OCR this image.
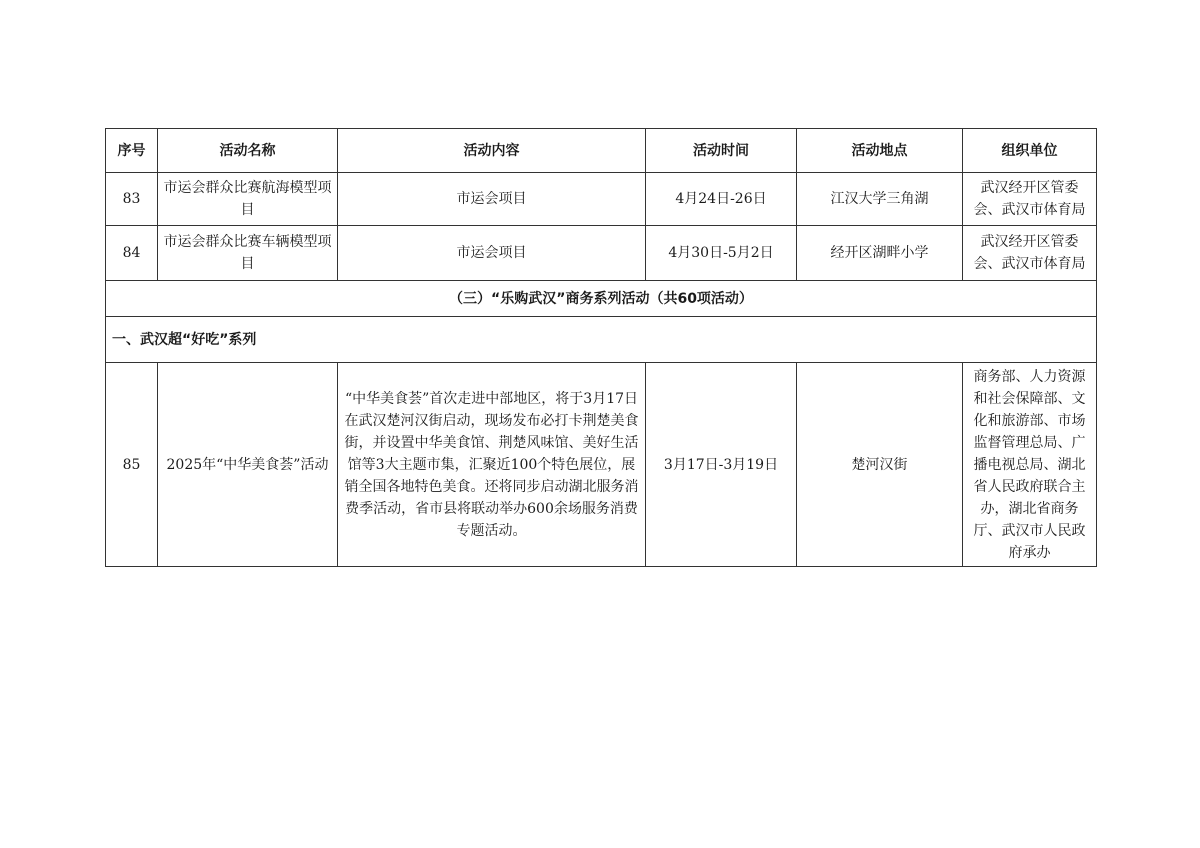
序号	活动名称	活动内容	活动时间	活动地点	组织单位
83	市运会群众比赛航海模型项目	市运会项目	4月24日-26日	江汉大学三角湖	武汉经开区管委会、武汉市体育局
84	市运会群众比赛车辆模型项目	市运会项目	4月30日-5月2日	经开区湖畔小学	武汉经开区管委会、武汉市体育局
（三）“乐购武汉”商务系列活动（共60项活动）					
一、武汉超“好吃”系列					
85	2025年“中华美食荟”活动	“中华美食荟”首次走进中部地区，将于3月17日在武汉楚河汉街启动，现场发布必打卡荆楚美食街，并设置中华美食馆、荆楚风味馆、美好生活馆等3大主题市集，汇聚近100个特色展位，展销全国各地特色美食。还将同步启动湖北服务消费季活动，省市县将联动举办600余场服务消费专题活动。	3月17日-3月19日	楚河汉街	商务部、人力资源和社会保障部、文化和旅游部、市场监督管理总局、广播电视总局、湖北省人民政府联合主办，湖北省商务厅、武汉市人民政府承办
